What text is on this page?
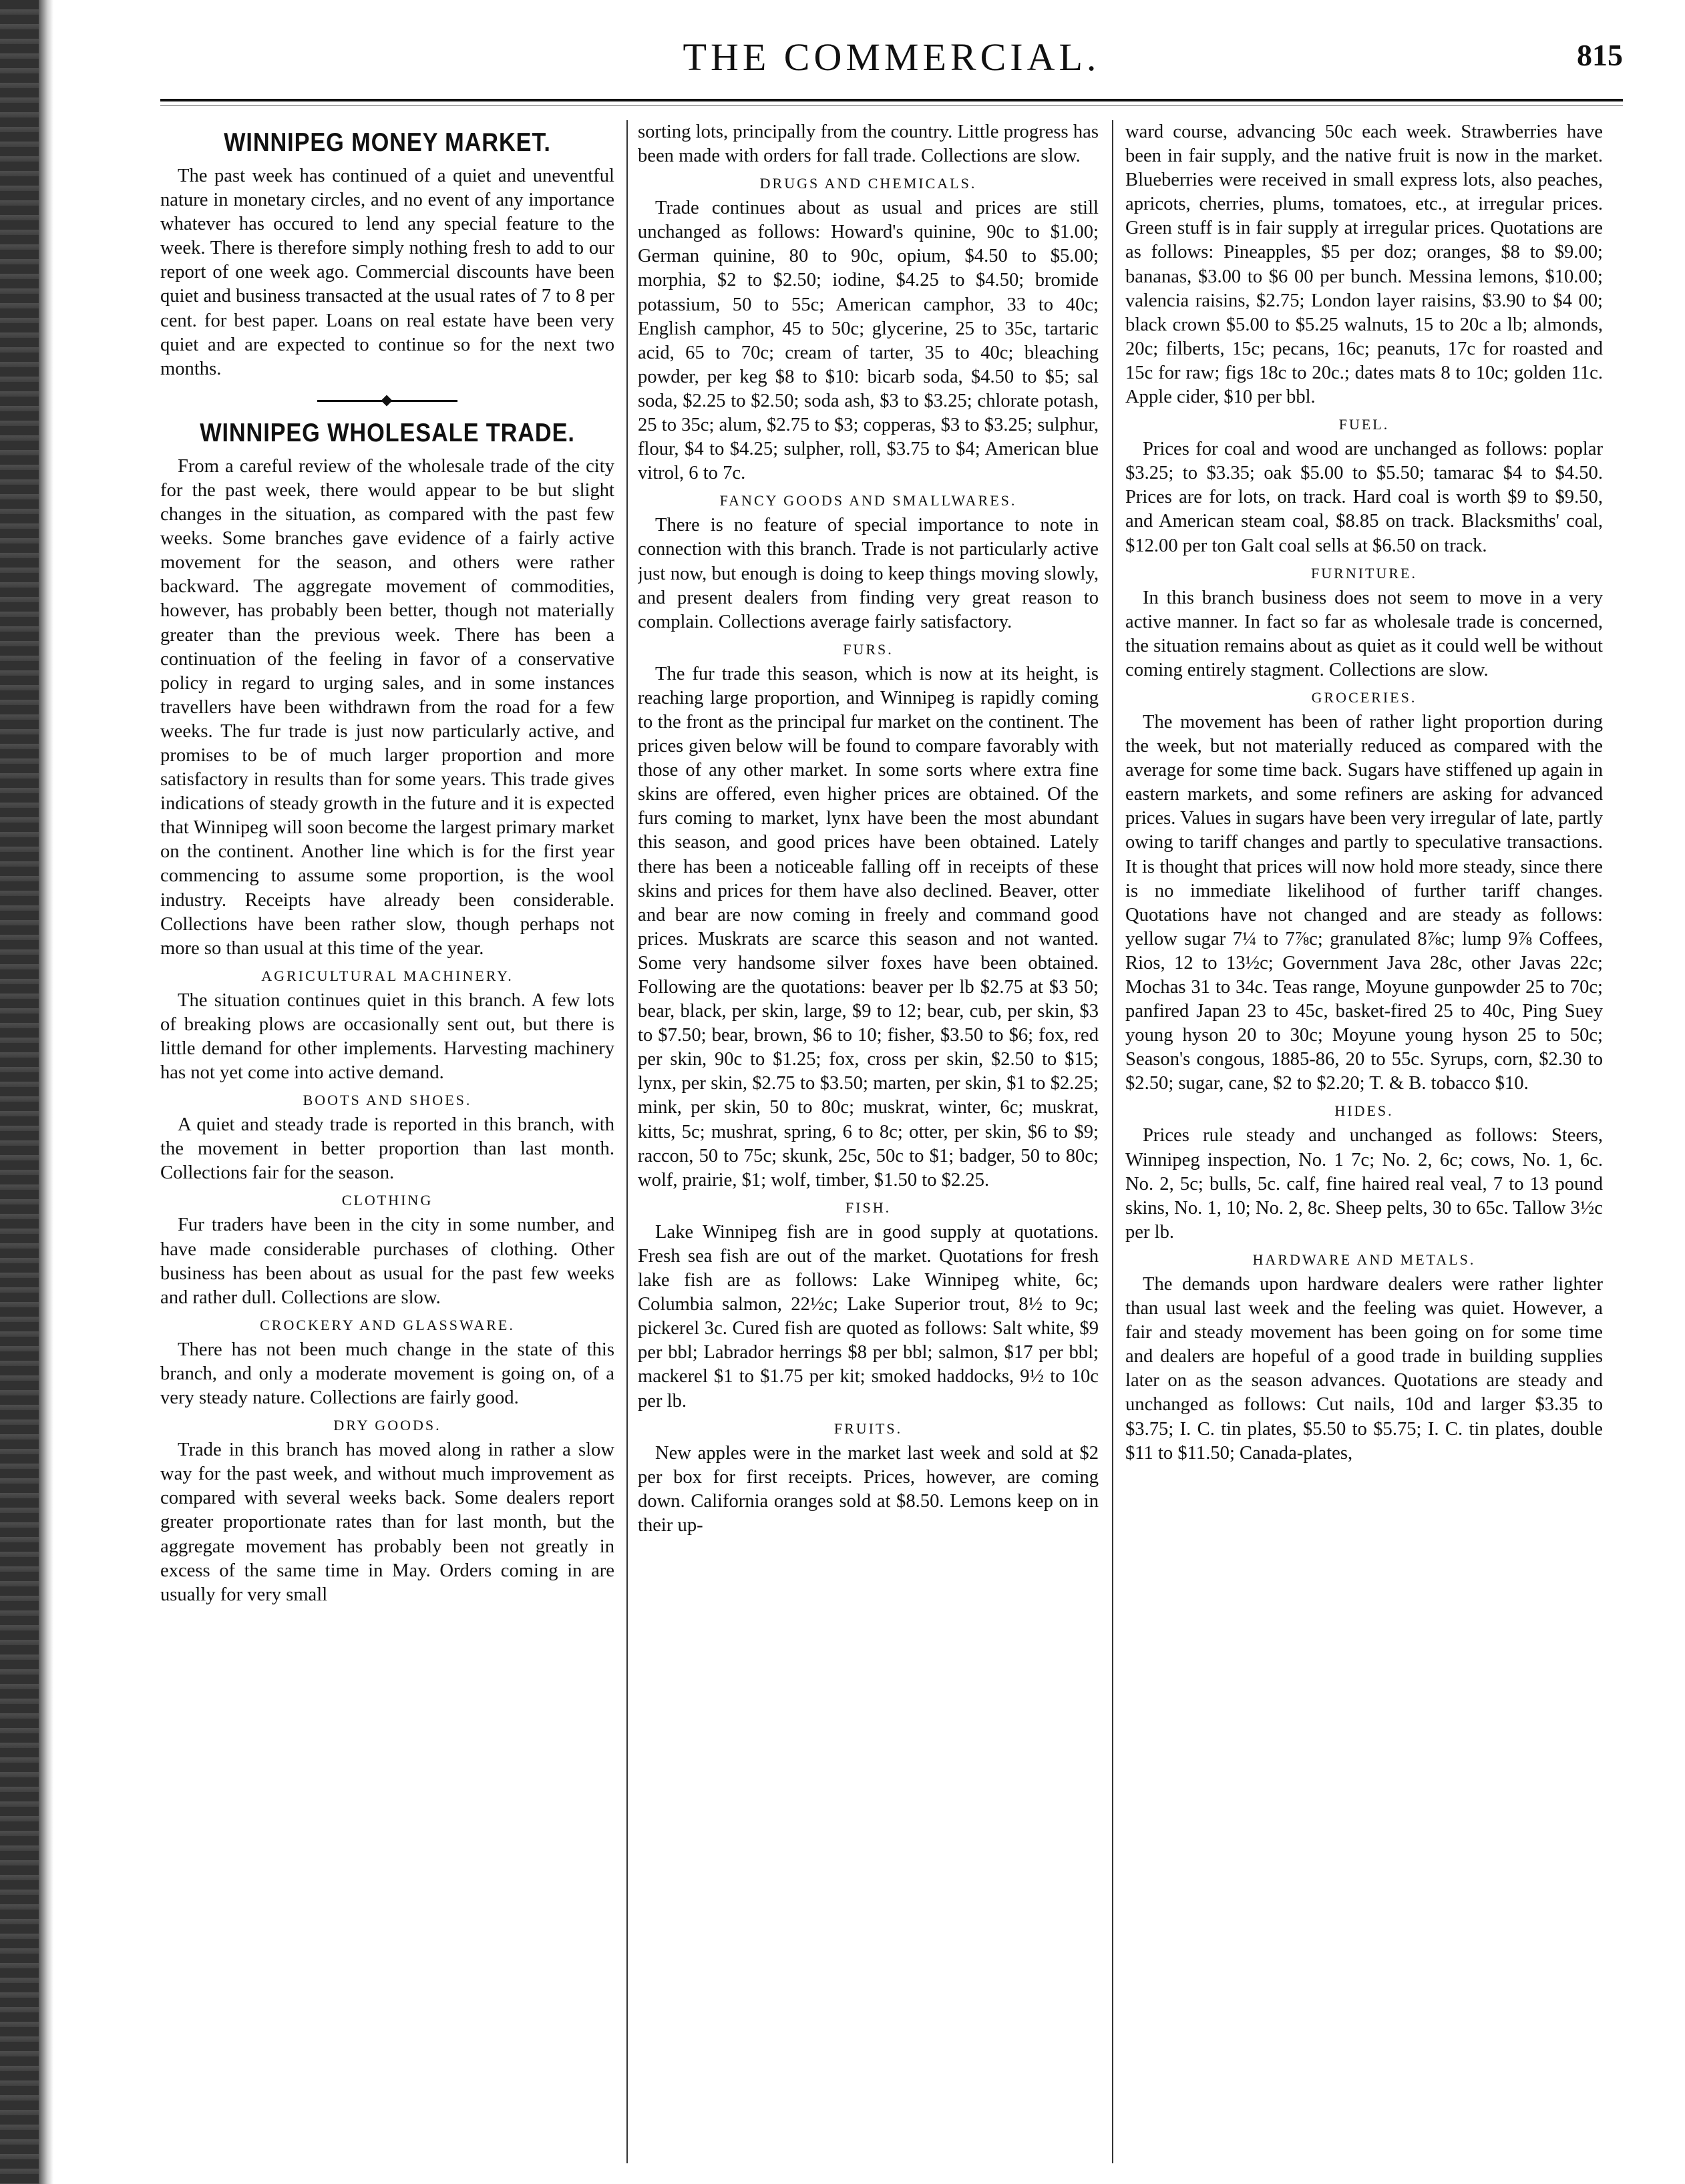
THE COMMERCIAL.	815
WINNIPEG MONEY MARKET.

The past week has continued of a quiet and uneventful nature in monetary circles, and no event of any importance whatever has occured to lend any special feature to the week. There is therefore simply nothing fresh to add to our report of one week ago. Commercial discounts have been quiet and business transacted at the usual rates of 7 to 8 per cent. for best paper. Loans on real estate have been very quiet and are expected to continue so for the next two months.

WINNIPEG WHOLESALE TRADE.

From a careful review of the wholesale trade of the city for the past week, there would appear to be but slight changes in the situation, as compared with the past few weeks. Some branches gave evidence of a fairly active movement for the season, and others were rather backward. The aggregate movement of commodities, however, has probably been better, though not materially greater than the previous week. There has been a continuation of the feeling in favor of a conservative policy in regard to urging sales, and in some instances travellers have been withdrawn from the road for a few weeks. The fur trade is just now particularly active, and promises to be of much larger proportion and more satisfactory in results than for some years. This trade gives indications of steady growth in the future and it is expected that Winnipeg will soon become the largest primary market on the continent. Another line which is for the first year commencing to assume some proportion, is the wool industry. Receipts have already been considerable. Collections have been rather slow, though perhaps not more so than usual at this time of the year.

AGRICULTURAL MACHINERY.

The situation continues quiet in this branch. A few lots of breaking plows are occasionally sent out, but there is little demand for other implements. Harvesting machinery has not yet come into active demand.

BOOTS AND SHOES.

A quiet and steady trade is reported in this branch, with the movement in better proportion than last month. Collections fair for the season.

CLOTHING

Fur traders have been in the city in some number, and have made considerable purchases of clothing. Other business has been about as usual for the past few weeks and rather dull. Collections are slow.

CROCKERY AND GLASSWARE.

There has not been much change in the state of this branch, and only a moderate movement is going on, of a very steady nature. Collections are fairly good.

DRY GOODS.

Trade in this branch has moved along in rather a slow way for the past week, and without much improvement as compared with several weeks back. Some dealers report greater proportionate rates than for last month, but the aggregate movement has probably been not greatly in excess of the same time in May. Orders coming in are usually for very small

sorting lots, principally from the country. Little progress has been made with orders for fall trade. Collections are slow.

DRUGS AND CHEMICALS.

Trade continues about as usual and prices are still unchanged as follows: Howard's quinine, 90c to $1.00; German quinine, 80 to 90c, opium, $4.50 to $5.00; morphia, $2 to $2.50; iodine, $4.25 to $4.50; bromide potassium, 50 to 55c; American camphor, 33 to 40c; English camphor, 45 to 50c; glycerine, 25 to 35c, tartaric acid, 65 to 70c; cream of tarter, 35 to 40c; bleaching powder, per keg $8 to $10: bicarb soda, $4.50 to $5; sal soda, $2.25 to $2.50; soda ash, $3 to $3.25; chlorate potash, 25 to 35c; alum, $2.75 to $3; copperas, $3 to $3.25; sulphur, flour, $4 to $4.25; sulpher, roll, $3.75 to $4; American blue vitrol, 6 to 7c.

FANCY GOODS AND SMALLWARES.

There is no feature of special importance to note in connection with this branch. Trade is not particularly active just now, but enough is doing to keep things moving slowly, and present dealers from finding very great reason to complain. Collections average fairly satisfactory.

FURS.

The fur trade this season, which is now at its height, is reaching large proportion, and Winnipeg is rapidly coming to the front as the principal fur market on the continent. The prices given below will be found to compare favorably with those of any other market. In some sorts where extra fine skins are offered, even higher prices are obtained. Of the furs coming to market, lynx have been the most abundant this season, and good prices have been obtained. Lately there has been a noticeable falling off in receipts of these skins and prices for them have also declined. Beaver, otter and bear are now coming in freely and command good prices. Muskrats are scarce this season and not wanted. Some very handsome silver foxes have been obtained. Following are the quotations: beaver per lb $2.75 at $3 50; bear, black, per skin, large, $9 to 12; bear, cub, per skin, $3 to $7.50; bear, brown, $6 to 10; fisher, $3.50 to $6; fox, red per skin, 90c to $1.25; fox, cross per skin, $2.50 to $15; lynx, per skin, $2.75 to $3.50; marten, per skin, $1 to $2.25; mink, per skin, 50 to 80c; muskrat, winter, 6c; muskrat, kitts, 5c; mushrat, spring, 6 to 8c; otter, per skin, $6 to $9; raccon, 50 to 75c; skunk, 25c, 50c to $1; badger, 50 to 80c; wolf, prairie, $1; wolf, timber, $1.50 to $2.25.

FISH.

Lake Winnipeg fish are in good supply at quotations. Fresh sea fish are out of the market. Quotations for fresh lake fish are as follows: Lake Winnipeg white, 6c; Columbia salmon, 22½c; Lake Superior trout, 8½ to 9c; pickerel 3c. Cured fish are quoted as follows: Salt white, $9 per bbl; Labrador herrings $8 per bbl; salmon, $17 per bbl; mackerel $1 to $1.75 per kit; smoked haddocks, 9½ to 10c per lb.

FRUITS.

New apples were in the market last week and sold at $2 per box for first receipts. Prices, however, are coming down. California oranges sold at $8.50. Lemons keep on in their up-

ward course, advancing 50c each week. Strawberries have been in fair supply, and the native fruit is now in the market. Blueberries were received in small express lots, also peaches, apricots, cherries, plums, tomatoes, etc., at irregular prices. Green stuff is in fair supply at irregular prices. Quotations are as follows: Pineapples, $5 per doz; oranges, $8 to $9.00; bananas, $3.00 to $6 00 per bunch. Messina lemons, $10.00; valencia raisins, $2.75; London layer raisins, $3.90 to $4 00; black crown $5.00 to $5.25 walnuts, 15 to 20c a lb; almonds, 20c; filberts, 15c; pecans, 16c; peanuts, 17c for roasted and 15c for raw; figs 18c to 20c.; dates mats 8 to 10c; golden 11c. Apple cider, $10 per bbl.

FUEL.

Prices for coal and wood are unchanged as follows: poplar $3.25; to $3.35; oak $5.00 to $5.50; tamarac $4 to $4.50. Prices are for lots, on track. Hard coal is worth $9 to $9.50, and American steam coal, $8.85 on track. Blacksmiths' coal, $12.00 per ton Galt coal sells at $6.50 on track.

FURNITURE.

In this branch business does not seem to move in a very active manner. In fact so far as wholesale trade is concerned, the situation remains about as quiet as it could well be without coming entirely stagment. Collections are slow.

GROCERIES.

The movement has been of rather light proportion during the week, but not materially reduced as compared with the average for some time back. Sugars have stiffened up again in eastern markets, and some refiners are asking for advanced prices. Values in sugars have been very irregular of late, partly owing to tariff changes and partly to speculative transactions. It is thought that prices will now hold more steady, since there is no immediate likelihood of further tariff changes. Quotations have not changed and are steady as follows: yellow sugar 7¼ to 7⅞c; granulated 8⅞c; lump 9⅞ Coffees, Rios, 12 to 13½c; Government Java 28c, other Javas 22c; Mochas 31 to 34c. Teas range, Moyune gunpowder 25 to 70c; panfired Japan 23 to 45c, basket-fired 25 to 40c, Ping Suey young hyson 20 to 30c; Moyune young hyson 25 to 50c; Season's congous, 1885-86, 20 to 55c. Syrups, corn, $2.30 to $2.50; sugar, cane, $2 to $2.20; T. & B. tobacco $10.

HIDES.

Prices rule steady and unchanged as follows: Steers, Winnipeg inspection, No. 1 7c; No. 2, 6c; cows, No. 1, 6c. No. 2, 5c; bulls, 5c. calf, fine haired real veal, 7 to 13 pound skins, No. 1, 10; No. 2, 8c. Sheep pelts, 30 to 65c. Tallow 3½c per lb.

HARDWARE AND METALS.

The demands upon hardware dealers were rather lighter than usual last week and the feeling was quiet. However, a fair and steady movement has been going on for some time and dealers are hopeful of a good trade in building supplies later on as the season advances. Quotations are steady and unchanged as follows: Cut nails, 10d and larger $3.35 to $3.75; I. C. tin plates, $5.50 to $5.75; I. C. tin plates, double $11 to $11.50; Canada-plates,
